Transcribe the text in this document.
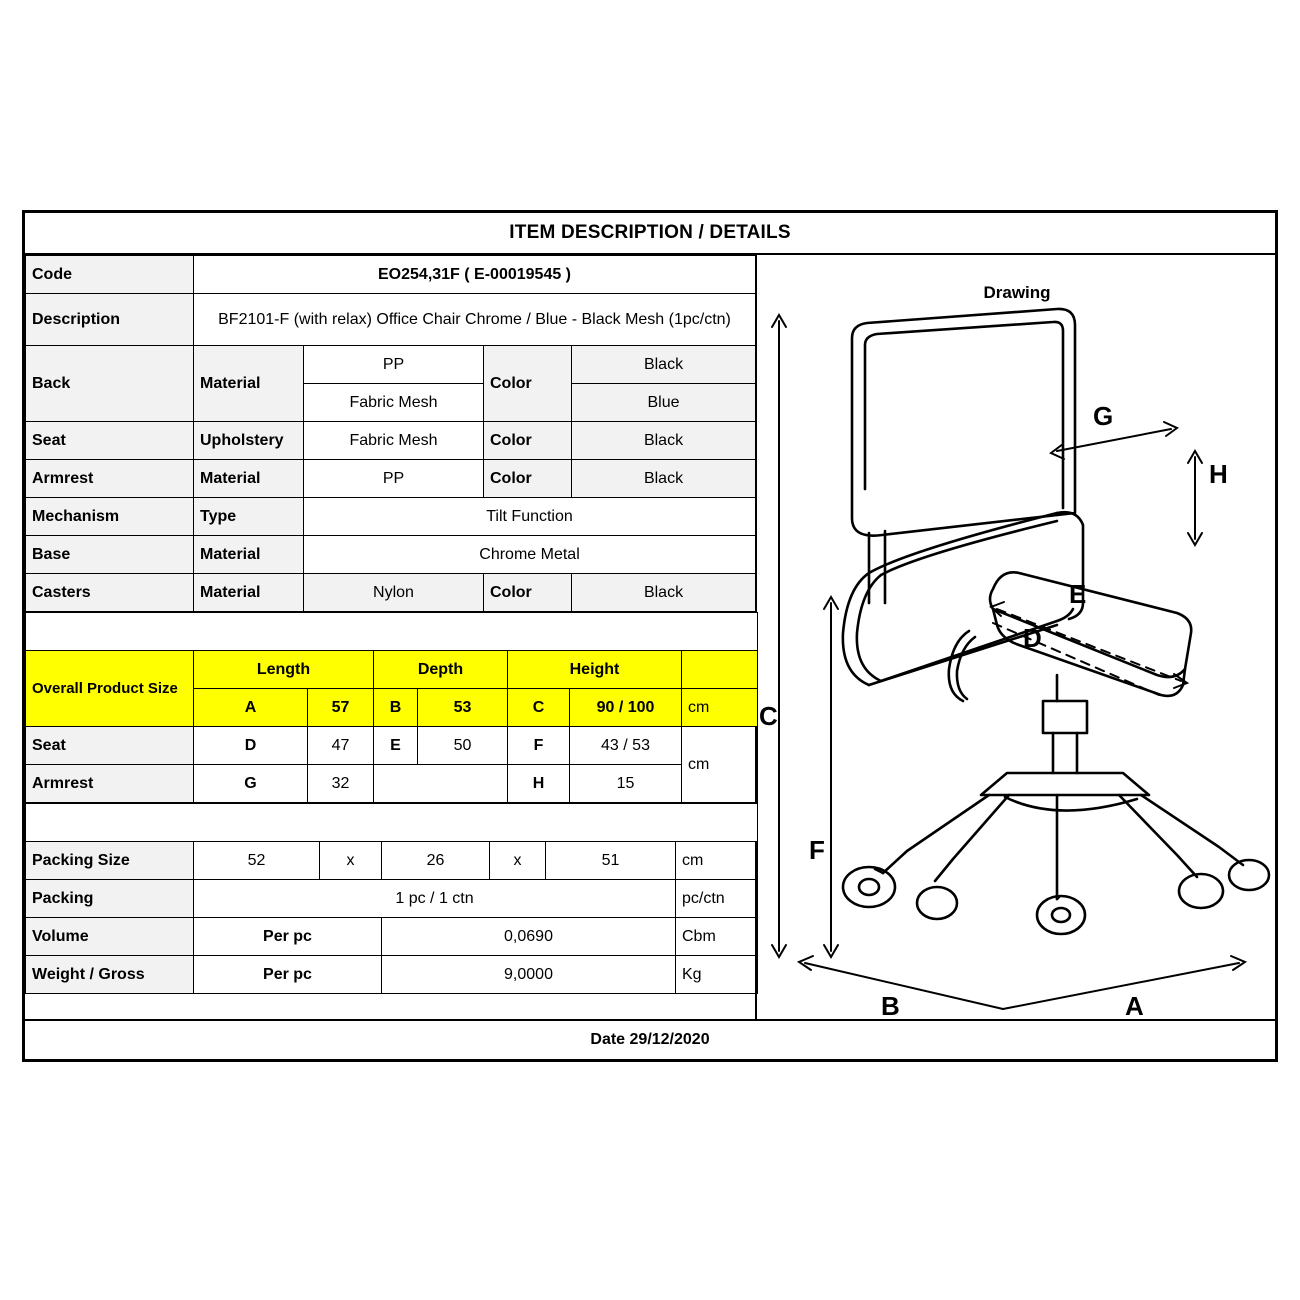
ITEM DESCRIPTION / DETAILS
Code	EO254,31F ( E-00019545 )			
Description	BF2101-F (with relax) Office Chair Chrome / Blue - Black Mesh (1pc/ctn)			
Back	Material	PP	Color	Black
		Fabric Mesh		Blue
Seat	Upholstery	Fabric Mesh	Color	Black
Armrest	Material	PP	Color	Black
Mechanism	Type	Tilt Function		
Base	Material	Chrome Metal		
Casters	Material	Nylon	Color	Black

Overall Product Size	Length		Depth		Height		
	A	57	B	53	C	90 / 100	cm
Seat	D	47	E	50	F	43 / 53	cm
Armrest	G	32			H	15	

Packing Size	52	x	26	x	51	cm
Packing	1 pc / 1 ctn					pc/ctn
Volume	Per pc		0,0690			Cbm
Weight / Gross	Per pc		9,0000			Kg
Drawing
C
F
G
H
E
D
B	A
Date 29/12/2020
